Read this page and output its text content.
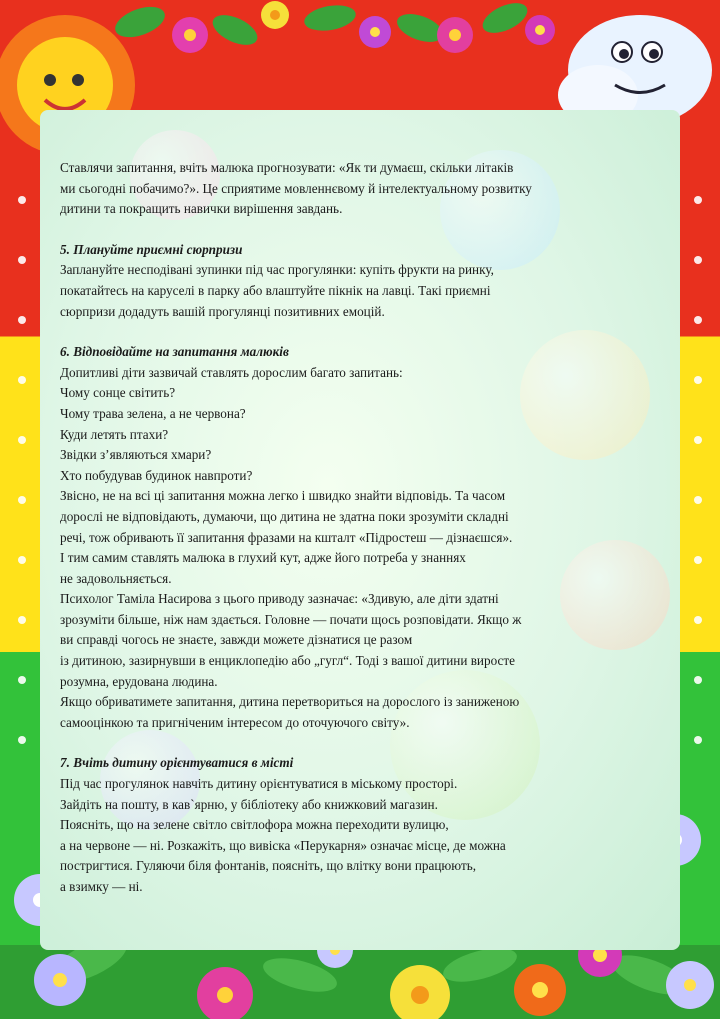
Ставлячи запитання, вчіть малюка прогнозувати: «Як ти думаєш, скільки літаків
ми сьогодні побачимо?». Це сприятиме мовленнєвому й інтелектуальному розвитку
дитини та покращить навички вирішення завдань.
5. Плануйте приємні сюрпризи
Заплануйте несподівані зупинки під час прогулянки: купіть фрукти на ринку,
покатайтесь на каруселі в парку або влаштуйте пікнік на лавці. Такі приємні
сюрпризи додадуть вашій прогулянці позитивних емоцій.
6. Відповідайте на запитання малюків
Допитливі діти зазвичай ставлять дорослим багато запитань:
Чому сонце світить?
Чому трава зелена, а не червона?
Куди летять птахи?
Звідки з’являються хмари?
Хто побудував будинок навпроти?
Звісно, не на всі ці запитання можна легко і швидко знайти відповідь. Та часом
дорослі не відповідають, думаючи, що дитина не здатна поки зрозуміти складні
речі, тож обривають її запитання фразами на кшталт «Підростеш — дізнаєшся».
І тим самим ставлять малюка в глухий кут, адже його потреба у знаннях
не задовольняється.
Психолог Таміла Насирова з цього приводу зазначає: «Здивую, але діти здатні
зрозуміти більше, ніж нам здається. Головне — почати щось розповідати. Якщо ж
ви справді чогось не знаєте, завжди можете дізнатися це разом
із дитиною, зазирнувши в енциклопедію або „гугл“. Тоді з вашої дитини виросте
розумна, ерудована людина.
Якщо обриватимете запитання, дитина перетвориться на дорослого із заниженою
самооцінкою та пригніченим інтересом до оточуючого світу».
7. Вчіть дитину орієнтуватися в місті
Під час прогулянок навчіть дитину орієнтуватися в міському просторі.
Зайдіть на пошту, в кав`ярню, у бібліотеку або книжковий магазин.
Поясніть, що на зелене світло світлофора можна переходити вулицю,
а на червоне — ні. Розкажіть, що вивіска «Перукарня» означає місце, де можна
постригтися. Гуляючи біля фонтанів, поясніть, що влітку вони працюють,
а взимку — ні.
